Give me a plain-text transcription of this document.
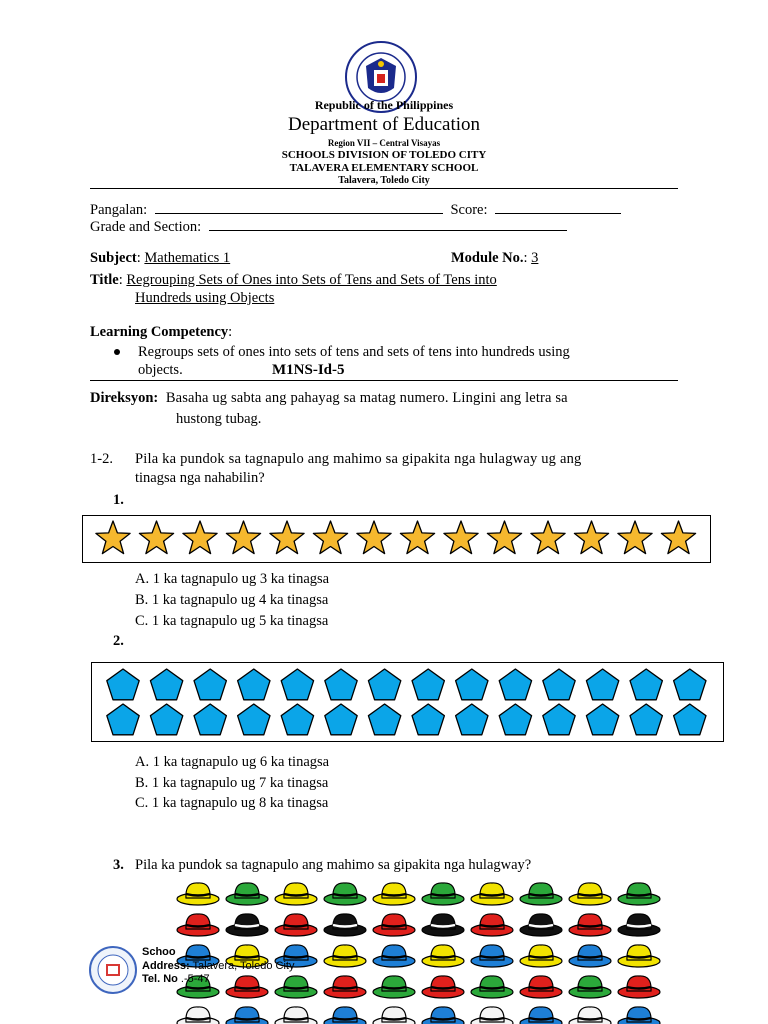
KAGAWARAN NG EDUKASYON · REPUBLIKA NG PILIPINAS
Republic of the Philippines
Department of Education
Region VII – Central Visayas
SCHOOLS DIVISION OF TOLEDO CITY
TALAVERA ELEMENTARY SCHOOL
Talavera, Toledo City
Pangalan:	Score:
Grade and Section:
Subject: Mathematics 1	Module No.: 3
Title: Regrouping Sets of Ones into Sets of Tens and Sets of Tens into
Hundreds using Objects
Learning Competency:
Regroups sets of ones into sets of tens and sets of tens into hundreds using
objects.	M1NS-Id-5
Direksyon: Basaha ug sabta ang pahayag sa matag numero. Lingini ang letra sa
hustong tubag.
1-2. Pila ka pundok sa tagnapulo ang mahimo sa gipakita nga hulagway ug ang
tinagsa nga nahabilin?
1.
A. 1 ka tagnapulo ug 3 ka tinagsa
B. 1 ka tagnapulo ug 4 ka tinagsa
C. 1 ka tagnapulo ug 5 ka tinagsa
2.
A. 1 ka tagnapulo ug 6 ka tinagsa
B. 1 ka tagnapulo ug 7 ka tinagsa
C. 1 ka tagnapulo ug 8 ka tinagsa
3. Pila ka pundok sa tagnapulo ang mahimo sa gipakita nga hulagway?
Schoo
Address: Talavera, Toledo City
Tel. No .-5-47
